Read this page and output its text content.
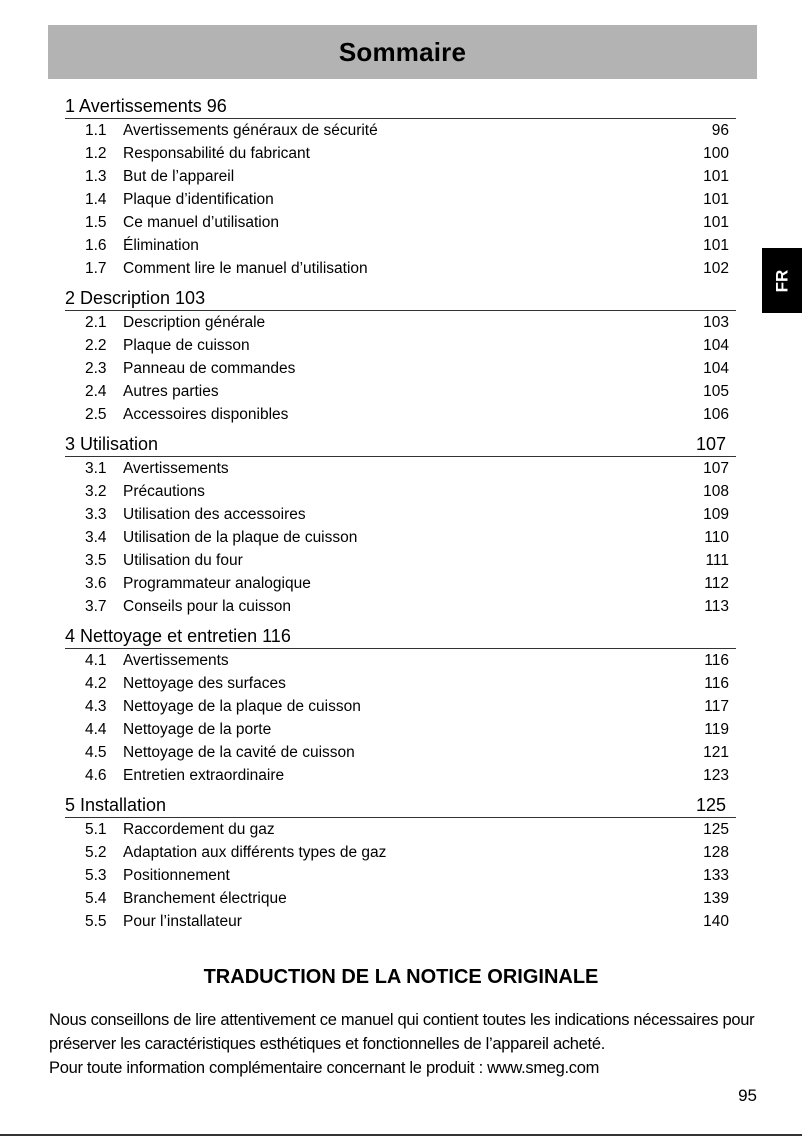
Sommaire
FR
1 Avertissements 96
1.1	Avertissements généraux de sécurité	96
1.2	Responsabilité du fabricant	100
1.3	But de l’appareil	101
1.4	Plaque d’identification	101
1.5	Ce manuel d’utilisation	101
1.6	Élimination	101
1.7	Comment lire le manuel d’utilisation	102
2 Description 103
2.1	Description générale	103
2.2	Plaque de cuisson	104
2.3	Panneau de commandes	104
2.4	Autres parties	105
2.5	Accessoires disponibles	106
3 Utilisation	107
3.1	Avertissements	107
3.2	Précautions	108
3.3	Utilisation des accessoires	109
3.4	Utilisation de la plaque de cuisson	110
3.5	Utilisation du four	111
3.6	Programmateur analogique	112
3.7	Conseils pour la cuisson	113
4 Nettoyage et entretien 116
4.1	Avertissements	116
4.2	Nettoyage des surfaces	116
4.3	Nettoyage de la plaque de cuisson	117
4.4	Nettoyage de la porte	119
4.5	Nettoyage de la cavité de cuisson	121
4.6	Entretien extraordinaire	123
5 Installation	125
5.1	Raccordement du gaz	125
5.2	Adaptation aux différents types de gaz	128
5.3	Positionnement	133
5.4	Branchement électrique	139
5.5	Pour l’installateur	140
TRADUCTION DE LA NOTICE ORIGINALE

Nous conseillons de lire attentivement ce manuel qui contient toutes les indications nécessaires pour préserver les caractéristiques esthétiques et fonctionnelles de l’appareil acheté.

Pour toute information complémentaire concernant le produit : www.smeg.com

95
